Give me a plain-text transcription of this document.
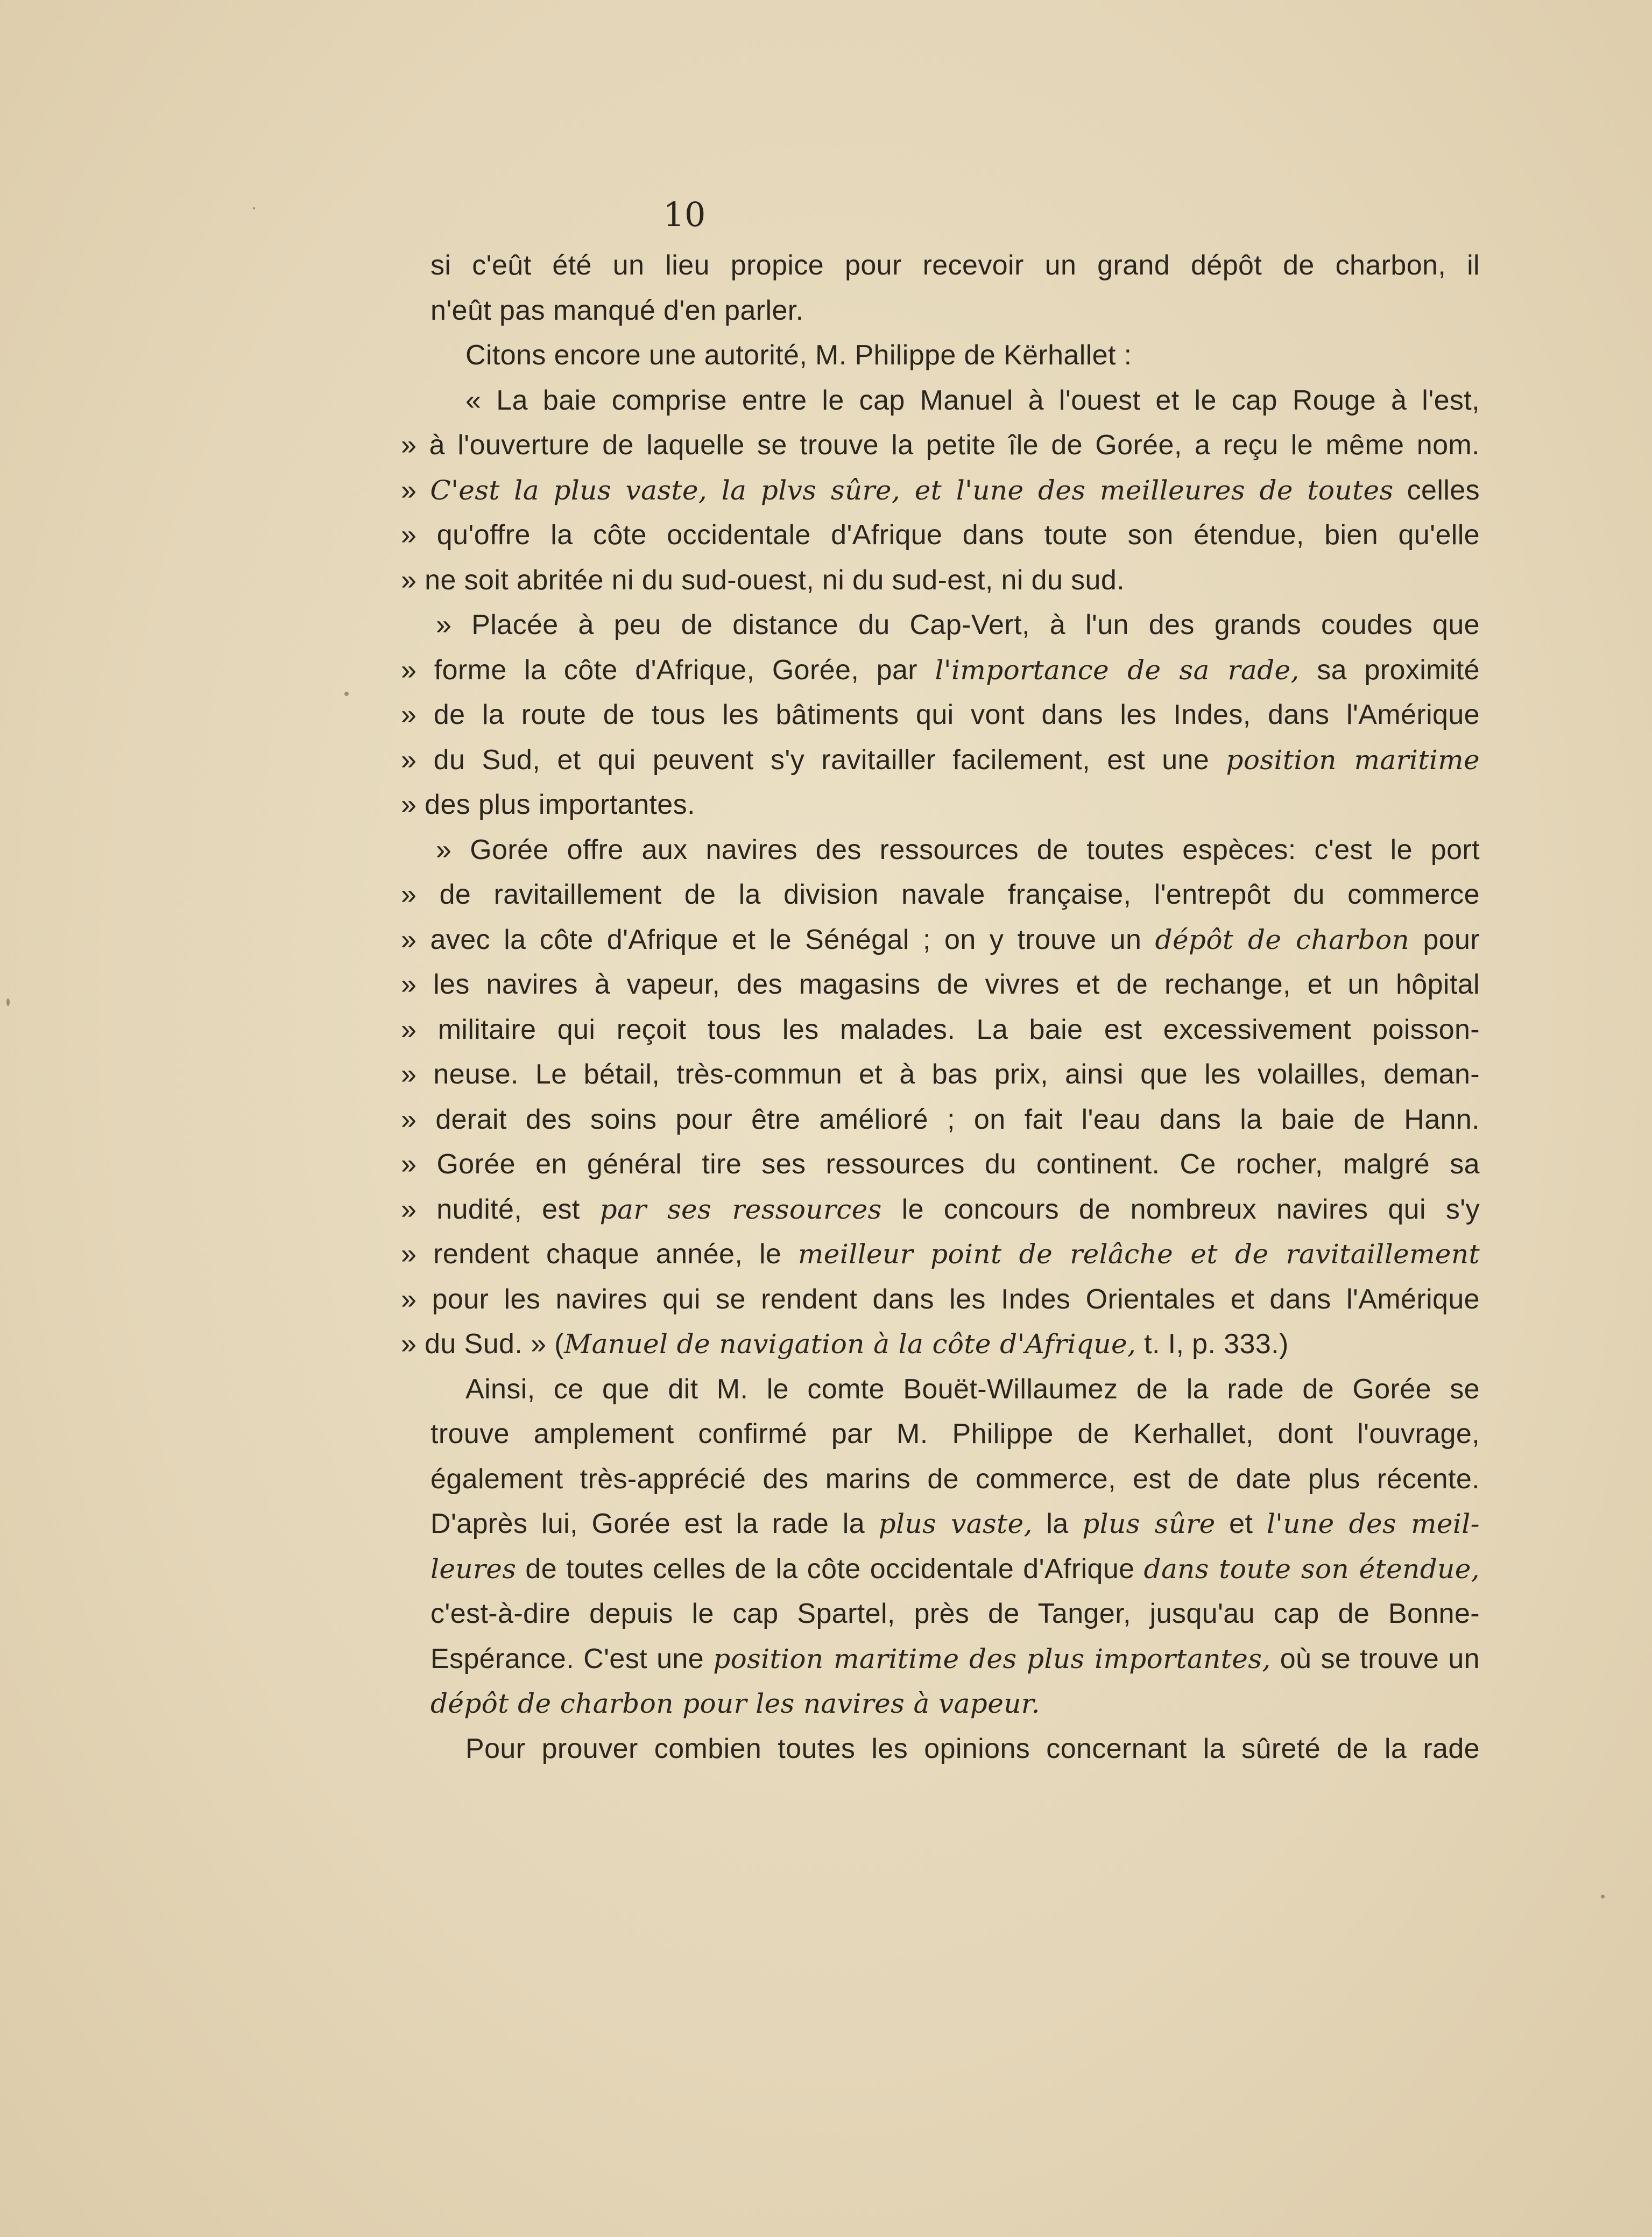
10
si c'eût été un lieu propice pour recevoir un grand dépôt de charbon, il
n'eût pas manqué d'en parler.
Citons encore une autorité, M. Philippe de Kërhallet :
« La baie comprise entre le cap Manuel à l'ouest et le cap Rouge à l'est,
» à l'ouverture de laquelle se trouve la petite île de Gorée, a reçu le même nom.
» C'est la plus vaste, la plvs sûre, et l'une des meilleures de toutes celles
» qu'offre la côte occidentale d'Afrique dans toute son étendue, bien qu'elle
» ne soit abritée ni du sud-ouest, ni du sud-est, ni du sud.
» Placée à peu de distance du Cap-Vert, à l'un des grands coudes que
» forme la côte d'Afrique, Gorée, par l'importance de sa rade, sa proximité
» de la route de tous les bâtiments qui vont dans les Indes, dans l'Amérique
» du Sud, et qui peuvent s'y ravitailler facilement, est une position maritime
» des plus importantes.
» Gorée offre aux navires des ressources de toutes espèces: c'est le port
» de ravitaillement de la division navale française, l'entrepôt du commerce
» avec la côte d'Afrique et le Sénégal ; on y trouve un dépôt de charbon pour
» les navires à vapeur, des magasins de vivres et de rechange, et un hôpital
» militaire qui reçoit tous les malades. La baie est excessivement poisson-
» neuse. Le bétail, très-commun et à bas prix, ainsi que les volailles, deman-
» derait des soins pour être amélioré ; on fait l'eau dans la baie de Hann.
» Gorée en général tire ses ressources du continent. Ce rocher, malgré sa
» nudité, est par ses ressources le concours de nombreux navires qui s'y
» rendent chaque année, le meilleur point de relâche et de ravitaillement
» pour les navires qui se rendent dans les Indes Orientales et dans l'Amérique
» du Sud. » (Manuel de navigation à la côte d'Afrique, t. I, p. 333.)
Ainsi, ce que dit M. le comte Bouët-Willaumez de la rade de Gorée se
trouve amplement confirmé par M. Philippe de Kerhallet, dont l'ouvrage,
également très-apprécié des marins de commerce, est de date plus récente.
D'après lui, Gorée est la rade la plus vaste, la plus sûre et l'une des meil-
leures de toutes celles de la côte occidentale d'Afrique dans toute son étendue,
c'est-à-dire depuis le cap Spartel, près de Tanger, jusqu'au cap de Bonne-
Espérance. C'est une position maritime des plus importantes, où se trouve un
dépôt de charbon pour les navires à vapeur.
Pour prouver combien toutes les opinions concernant la sûreté de la rade
